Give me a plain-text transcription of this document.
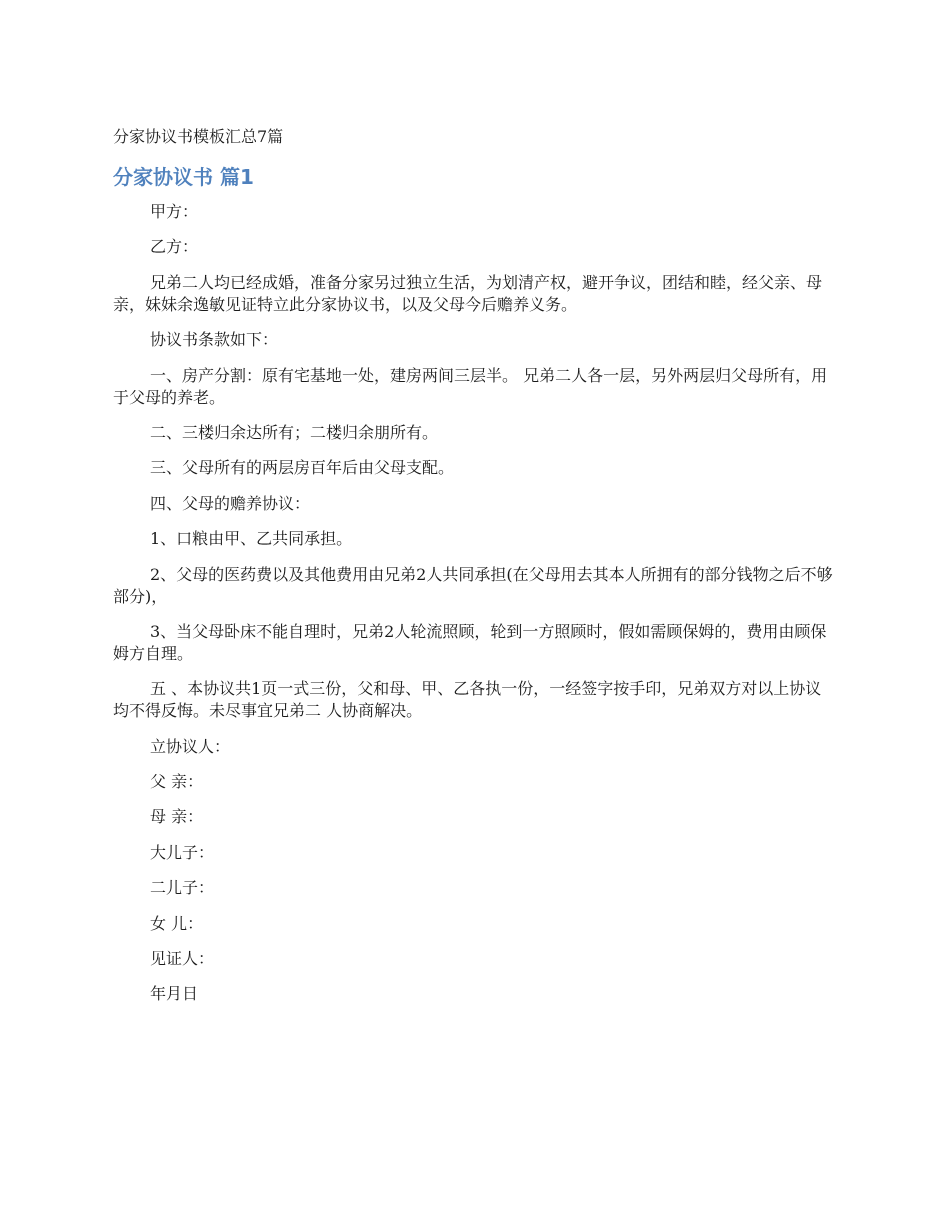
分家协议书模板汇总7篇
分家协议书 篇1

甲方：

乙方：

兄弟二人均已经成婚，准备分家另过独立生活，为划清产权，避开争议，团结和睦，经父亲、母亲，妹妹余逸敏见证特立此分家协议书，以及父母今后赡养义务。

协议书条款如下：

一、房产分割：原有宅基地一处，建房两间三层半。 兄弟二人各一层，另外两层归父母所有，用于父母的养老。

二、三楼归余达所有；二楼归余朋所有。

三、父母所有的两层房百年后由父母支配。

四、父母的赡养协议：

1、口粮由甲、乙共同承担。

2、父母的医药费以及其他费用由兄弟2人共同承担(在父母用去其本人所拥有的部分钱物之后不够部分)，

3、当父母卧床不能自理时，兄弟2人轮流照顾，轮到一方照顾时，假如需顾保姆的，费用由顾保姆方自理。

五 、本协议共1页一式三份，父和母、甲、乙各执一份，一经签字按手印，兄弟双方对以上协议均不得反悔。未尽事宜兄弟二 人协商解决。

立协议人：

父 亲：

母 亲：

大儿子：

二儿子：

女 儿：

见证人：

年月日
